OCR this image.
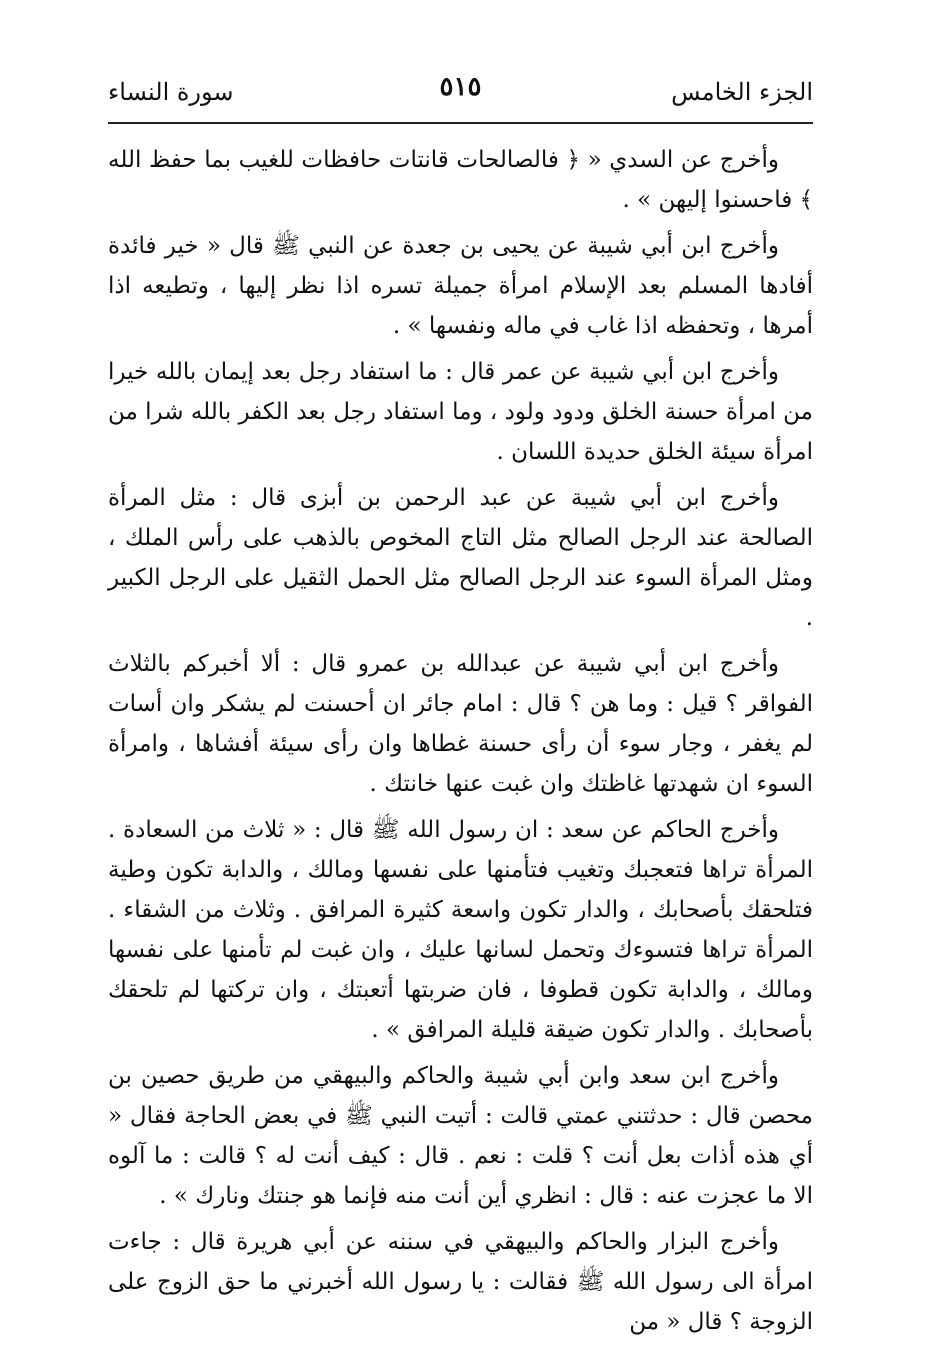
الجزء الخامس
٥١٥
سورة النساء

وأخرج عن السدي « ﴿ فالصالحات قانتات حافظات للغيب بما حفظ الله ﴾ فاحسنوا إليهن » .

وأخرج ابن أبي شيبة عن يحيى بن جعدة عن النبي ﷺ قال « خير فائدة أفادها المسلم بعد الإسلام امرأة جميلة تسره اذا نظر إليها ، وتطيعه اذا أمرها ، وتحفظه اذا غاب في ماله ونفسها » .

وأخرج ابن أبي شيبة عن عمر قال : ما استفاد رجل بعد إيمان بالله خيرا من امرأة حسنة الخلق ودود ولود ، وما استفاد رجل بعد الكفر بالله شرا من امرأة سيئة الخلق حديدة اللسان .

وأخرج ابن أبي شيبة عن عبد الرحمن بن أبزى قال : مثل المرأة الصالحة عند الرجل الصالح مثل التاج المخوص بالذهب على رأس الملك ، ومثل المرأة السوء عند الرجل الصالح مثل الحمل الثقيل على الرجل الكبير .

وأخرج ابن أبي شيبة عن عبدالله بن عمرو قال : ألا أخبركم بالثلاث الفواقر ؟ قيل : وما هن ؟ قال : امام جائر ان أحسنت لم يشكر وان أسات لم يغفر ، وجار سوء أن رأى حسنة غطاها وان رأى سيئة أفشاها ، وامرأة السوء ان شهدتها غاظتك وان غبت عنها خانتك .

وأخرج الحاكم عن سعد : ان رسول الله ﷺ قال : « ثلاث من السعادة . المرأة تراها فتعجبك وتغيب فتأمنها على نفسها ومالك ، والدابة تكون وطية فتلحقك بأصحابك ، والدار تكون واسعة كثيرة المرافق . وثلاث من الشقاء . المرأة تراها فتسوءك وتحمل لسانها عليك ، وان غبت لم تأمنها على نفسها ومالك ، والدابة تكون قطوفا ، فان ضربتها أتعبتك ، وان تركتها لم تلحقك بأصحابك . والدار تكون ضيقة قليلة المرافق » .

وأخرج ابن سعد وابن أبي شيبة والحاكم والبيهقي من طريق حصين بن محصن قال : حدثتني عمتي قالت : أتيت النبي ﷺ في بعض الحاجة فقال « أي هذه أذات بعل أنت ؟ قلت : نعم . قال : كيف أنت له ؟ قالت : ما آلوه الا ما عجزت عنه : قال : انظري أين أنت منه فإنما هو جنتك ونارك » .

وأخرج البزار والحاكم والبيهقي في سننه عن أبي هريرة قال : جاءت امرأة الى رسول الله ﷺ فقالت : يا رسول الله أخبرني ما حق الزوج على الزوجة ؟ قال « من
